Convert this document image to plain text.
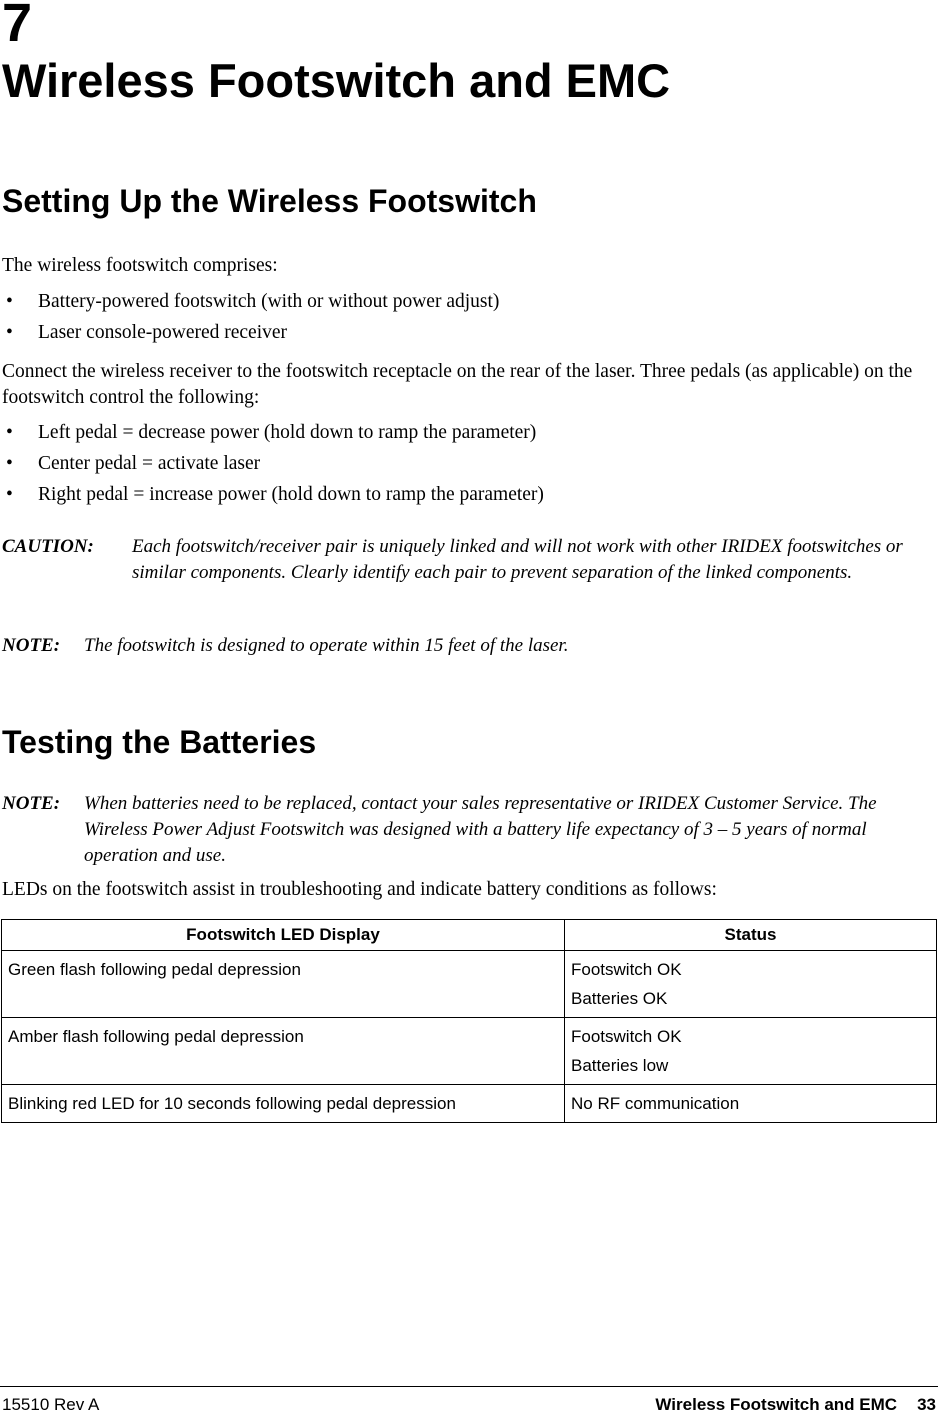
7
Wireless Footswitch and EMC
Setting Up the Wireless Footswitch
The wireless footswitch comprises:
• Battery-powered footswitch (with or without power adjust)
• Laser console-powered receiver
Connect the wireless receiver to the footswitch receptacle on the rear of the laser. Three pedals (as applicable) on the footswitch control the following:
• Left pedal = decrease power (hold down to ramp the parameter)
• Center pedal = activate laser
• Right pedal = increase power (hold down to ramp the parameter)
CAUTION: Each footswitch/receiver pair is uniquely linked and will not work with other IRIDEX footswitches or similar components. Clearly identify each pair to prevent separation of the linked components.
NOTE: The footswitch is designed to operate within 15 feet of the laser.
Testing the Batteries
NOTE: When batteries need to be replaced, contact your sales representative or IRIDEX Customer Service. The Wireless Power Adjust Footswitch was designed with a battery life expectancy of 3 – 5 years of normal operation and use.
LEDs on the footswitch assist in troubleshooting and indicate battery conditions as follows:
Footswitch LED Display	Status

Green flash following pedal depression	Footswitch OK
Batteries OK

Amber flash following pedal depression	Footswitch OK
Batteries low

Blinking red LED for 10 seconds following pedal depression	No RF communication
15510 Rev A	Wireless Footswitch and EMC 33
